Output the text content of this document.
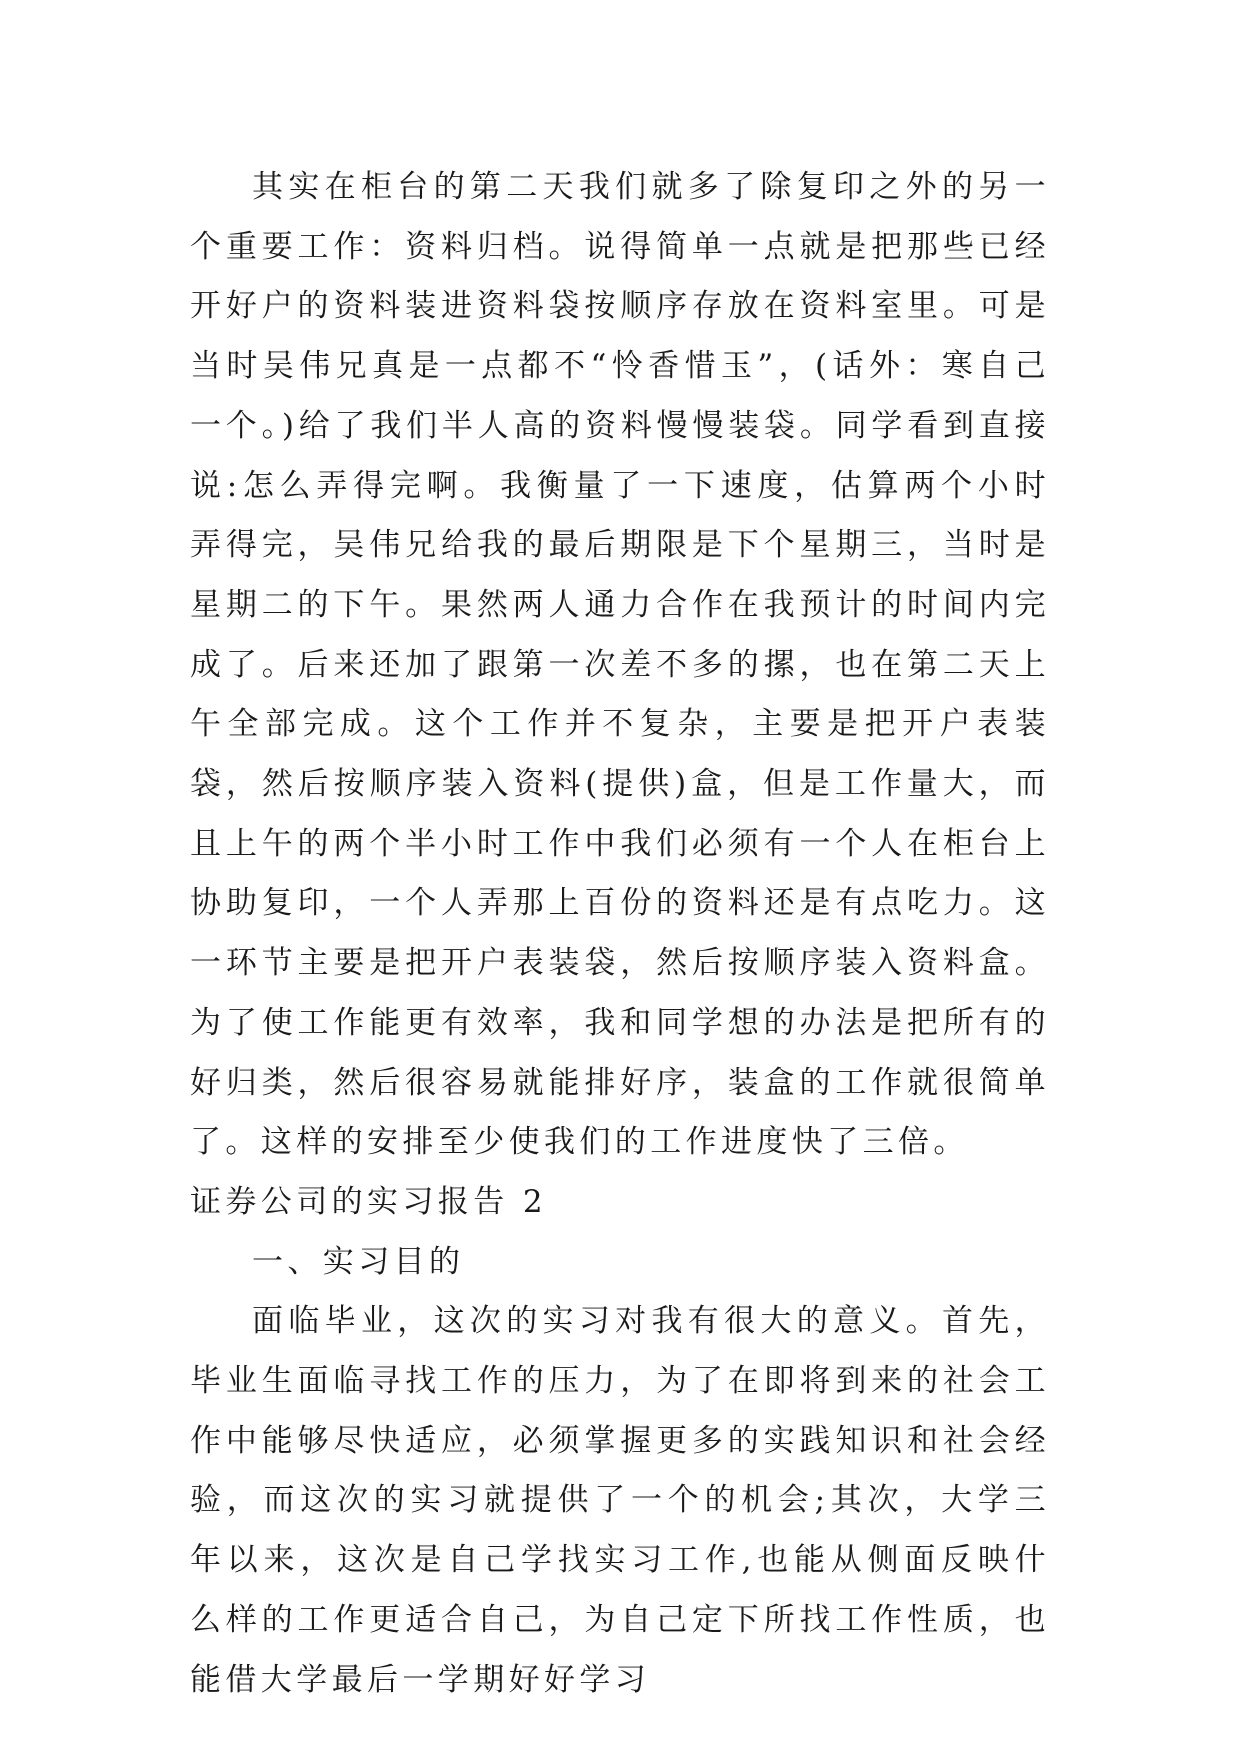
其实在柜台的第二天我们就多了除复印之外的另一个重要工作：资料归档。说得简单一点就是把那些已经开好户的资料装进资料袋按顺序存放在资料室里。可是当时吴伟兄真是一点都不“怜香惜玉”，(话外：寒自己一个。)给了我们半人高的资料慢慢装袋。同学看到直接说:怎么弄得完啊。我衡量了一下速度，估算两个小时弄得完，吴伟兄给我的最后期限是下个星期三，当时是星期二的下午。果然两人通力合作在我预计的时间内完成了。后来还加了跟第一次差不多的摞，也在第二天上午全部完成。这个工作并不复杂，主要是把开户表装袋，然后按顺序装入资料(提供)盒，但是工作量大，而且上午的两个半小时工作中我们必须有一个人在柜台上协助复印，一个人弄那上百份的资料还是有点吃力。这一环节主要是把开户表装袋，然后按顺序装入资料盒。为了使工作能更有效率，我和同学想的办法是把所有的好归类，然后很容易就能排好序，装盒的工作就很简单了。这样的安排至少使我们的工作进度快了三倍。

证券公司的实习报告 2

一、实习目的

面临毕业，这次的实习对我有很大的意义。首先，毕业生面临寻找工作的压力，为了在即将到来的社会工作中能够尽快适应，必须掌握更多的实践知识和社会经验，而这次的实习就提供了一个的机会;其次，大学三年以来，这次是自己学找实习工作,也能从侧面反映什么样的工作更适合自己，为自己定下所找工作性质，也能借大学最后一学期好好学习
